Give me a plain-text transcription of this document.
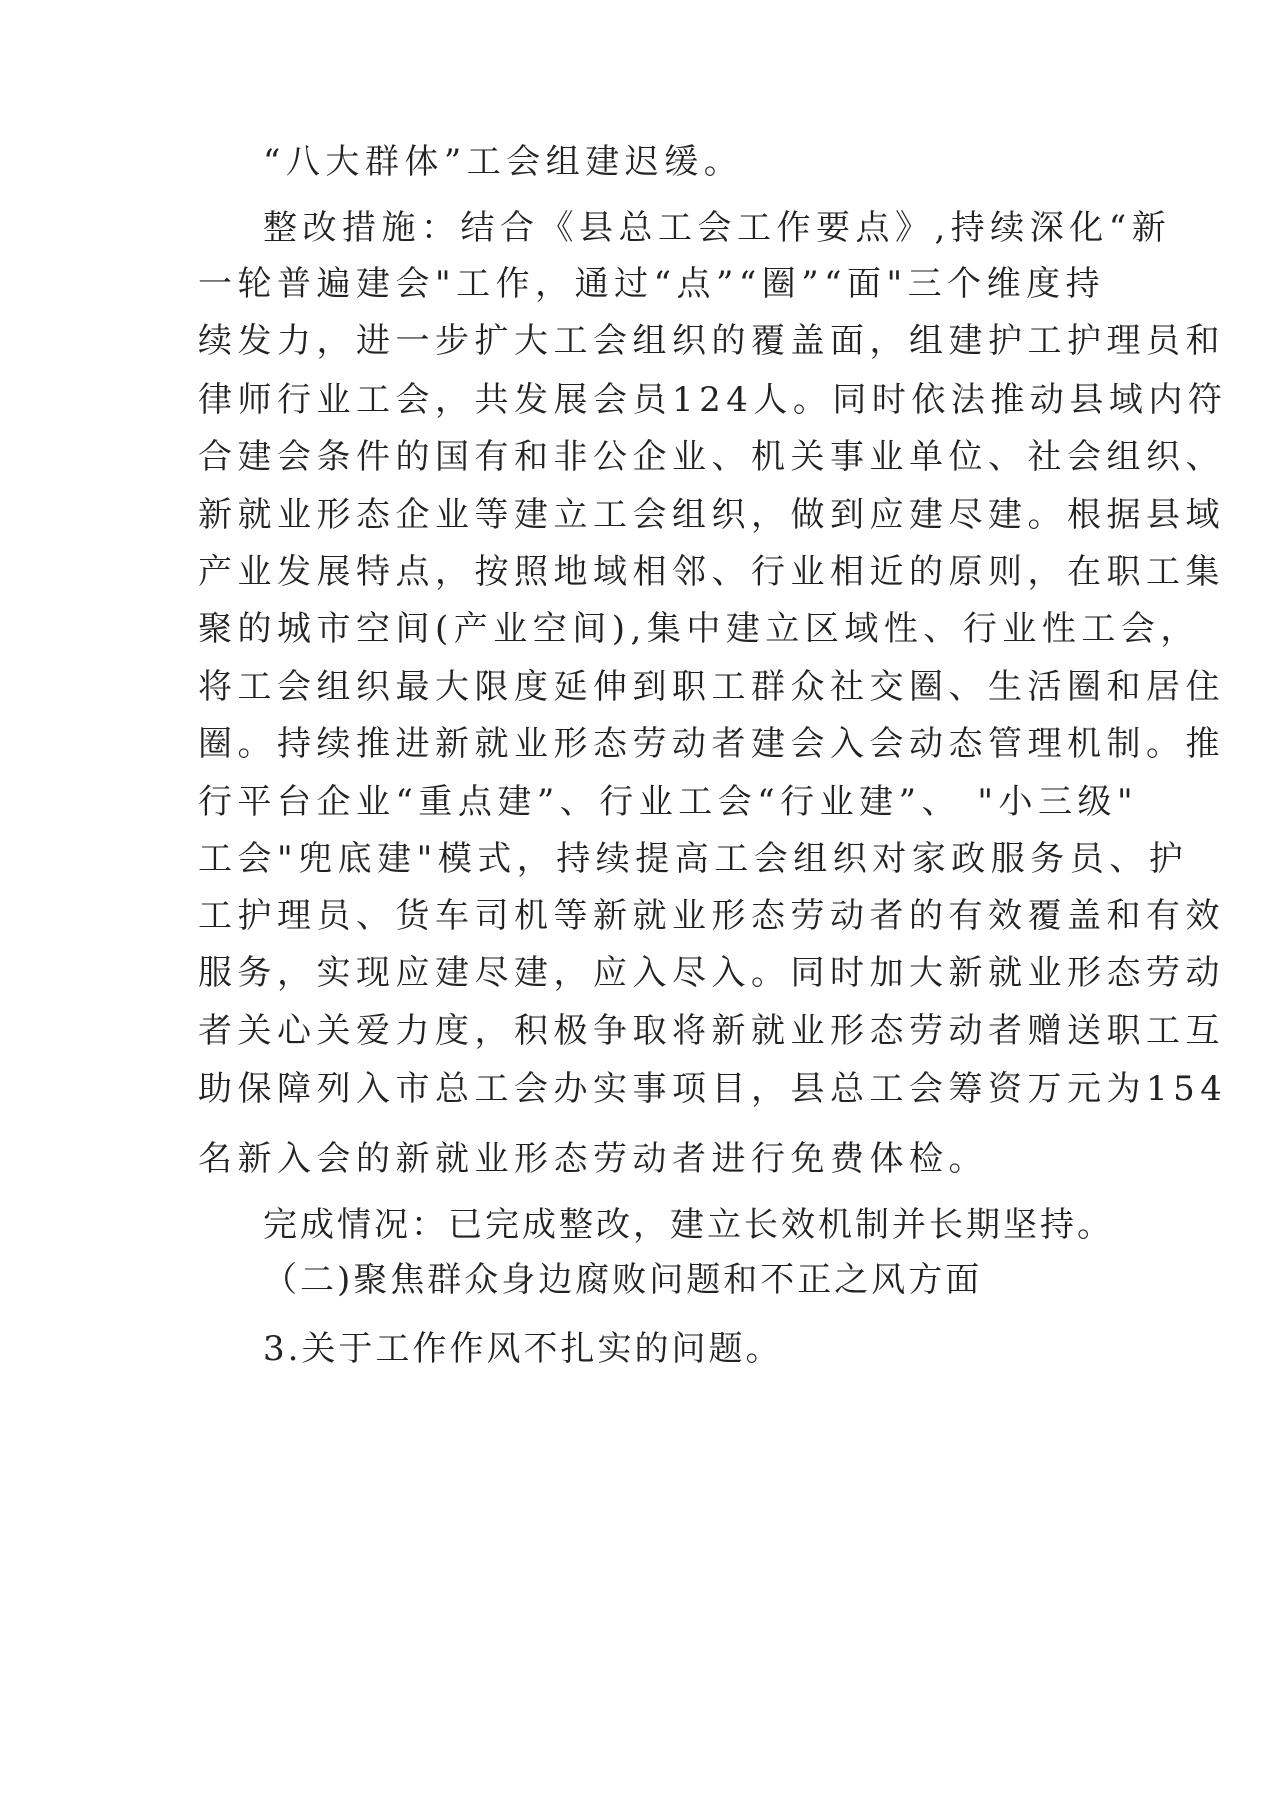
“八大群体”工会组建迟缓。
整改措施：结合《县总工会工作要点》,持续深化“新
一轮普遍建会"工作，通过“点”“圈”“面"三个维度持
续发力，进一步扩大工会组织的覆盖面，组建护工护理员和
律师行业工会，共发展会员124人。同时依法推动县域内符
合建会条件的国有和非公企业、机关事业单位、社会组织、
新就业形态企业等建立工会组织，做到应建尽建。根据县域
产业发展特点，按照地域相邻、行业相近的原则，在职工集
聚的城市空间(产业空间),集中建立区域性、行业性工会，
将工会组织最大限度延伸到职工群众社交圈、生活圈和居住
圈。持续推进新就业形态劳动者建会入会动态管理机制。推
行平台企业“重点建”、行业工会“行业建”、 "小三级"
工会"兜底建"模式，持续提高工会组织对家政服务员、护
工护理员、货车司机等新就业形态劳动者的有效覆盖和有效
服务，实现应建尽建，应入尽入。同时加大新就业形态劳动
者关心关爱力度，积极争取将新就业形态劳动者赠送职工互
助保障列入市总工会办实事项目，县总工会筹资万元为154
名新入会的新就业形态劳动者进行免费体检。
完成情况：已完成整改，建立长效机制并长期坚持。
（二)聚焦群众身边腐败问题和不正之风方面
3.关于工作作风不扎实的问题。
